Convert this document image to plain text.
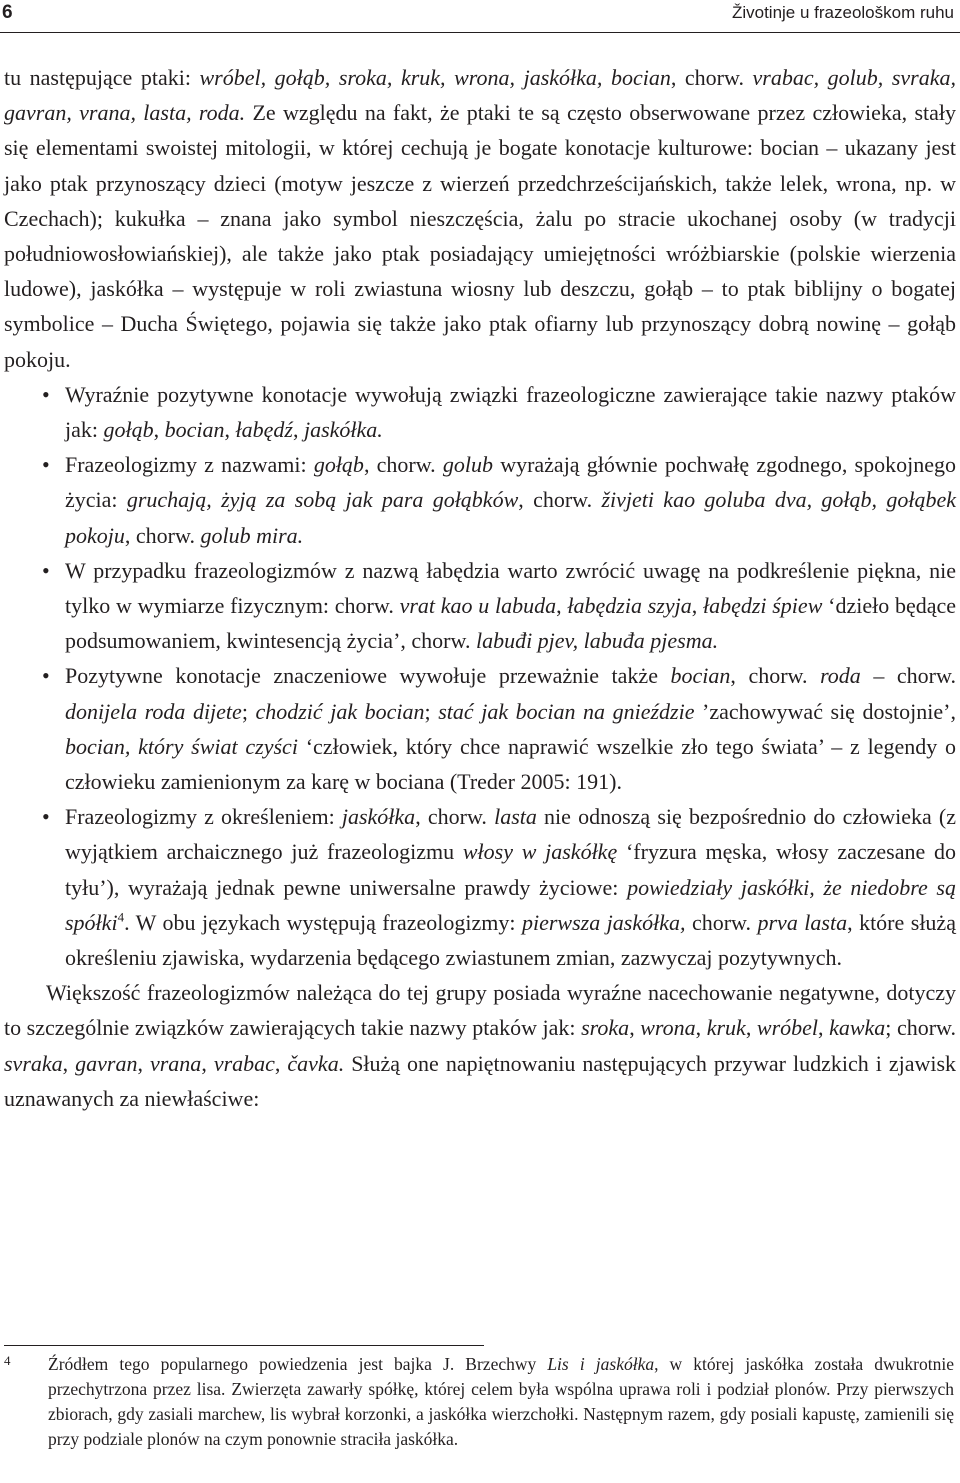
6	Životinje u frazeološkom ruhu

tu następujące ptaki: wróbel, gołąb, sroka, kruk, wrona, jaskółka, bocian, chorw. vrabac, golub, svraka, gavran, vrana, lasta, roda. Ze względu na fakt, że ptaki te są często obserwowane przez człowieka, stały się elementami swoistej mitologii, w której cechują je bogate konotacje kulturowe: bocian – ukazany jest jako ptak przynoszący dzieci (motyw jeszcze z wierzeń przedchrześcijańskich, także lelek, wrona, np. w Czechach); kukułka – znana jako symbol nieszczęścia, żalu po stracie ukochanej osoby (w tradycji południowosłowiańskiej), ale także jako ptak posiadający umiejętności wróżbiarskie (polskie wierzenia ludowe), jaskółka – występuje w roli zwiastuna wiosny lub deszczu, gołąb – to ptak biblijny o bogatej symbolice – Ducha Świętego, pojawia się także jako ptak ofiarny lub przynoszący dobrą nowinę – gołąb pokoju.

• Wyraźnie pozytywne konotacje wywołują związki frazeologiczne zawierające takie nazwy ptaków jak: gołąb, bocian, łabędź, jaskółka.
• Frazeologizmy z nazwami: gołąb, chorw. golub wyrażają głównie pochwałę zgodnego, spokojnego życia: gruchają, żyją za sobą jak para gołąbków, chorw. živjeti kao goluba dva, gołąb, gołąbek pokoju, chorw. golub mira.
• W przypadku frazeologizmów z nazwą łabędzia warto zwrócić uwagę na podkreślenie piękna, nie tylko w wymiarze fizycznym: chorw. vrat kao u labuda, łabędzia szyja, łabędzi śpiew ‘dzieło będące podsumowaniem, kwintesencją życia’, chorw. labuđi pjev, labuđa pjesma.
• Pozytywne konotacje znaczeniowe wywołuje przeważnie także bocian, chorw. roda – chorw. donijela roda dijete; chodzić jak bocian; stać jak bocian na gnieździe ’zachowywać się dostojnie’, bocian, który świat czyści ‘człowiek, który chce naprawić wszelkie zło tego świata’ – z legendy o człowieku zamienionym za karę w bociana (Treder 2005: 191).
• Frazeologizmy z określeniem: jaskółka, chorw. lasta nie odnoszą się bezpośrednio do człowieka (z wyjątkiem archaicznego już frazeologizmu włosy w jaskółkę ‘fryzura męska, włosy zaczesane do tyłu’), wyrażają jednak pewne uniwersalne prawdy życiowe: powiedziały jaskółki, że niedobre są spółki$^4$. W obu językach występują frazeologizmy: pierwsza jaskółka, chorw. prva lasta, które służą określeniu zjawiska, wydarzenia będącego zwiastunem zmian, zazwyczaj pozytywnych.

Większość frazeologizmów należąca do tej grupy posiada wyraźne nacechowanie negatywne, dotyczy to szczególnie związków zawierających takie nazwy ptaków jak: sroka, wrona, kruk, wróbel, kawka; chorw. svraka, gavran, vrana, vrabac, čavka. Służą one napiętnowaniu następujących przywar ludzkich i zjawisk uznawanych za niewłaściwe:

4 Źródłem tego popularnego powiedzenia jest bajka J. Brzechwy Lis i jaskółka, w której jaskółka została dwukrotnie przechytrzona przez lisa. Zwierzęta zawarły spółkę, której celem była wspólna uprawa roli i podział plonów. Przy pierwszych zbiorach, gdy zasiali marchew, lis wybrał korzonki, a jaskółka wierzchołki. Następnym razem, gdy posiali kapustę, zamienili się przy podziale plonów na czym ponownie straciła jaskółka.
